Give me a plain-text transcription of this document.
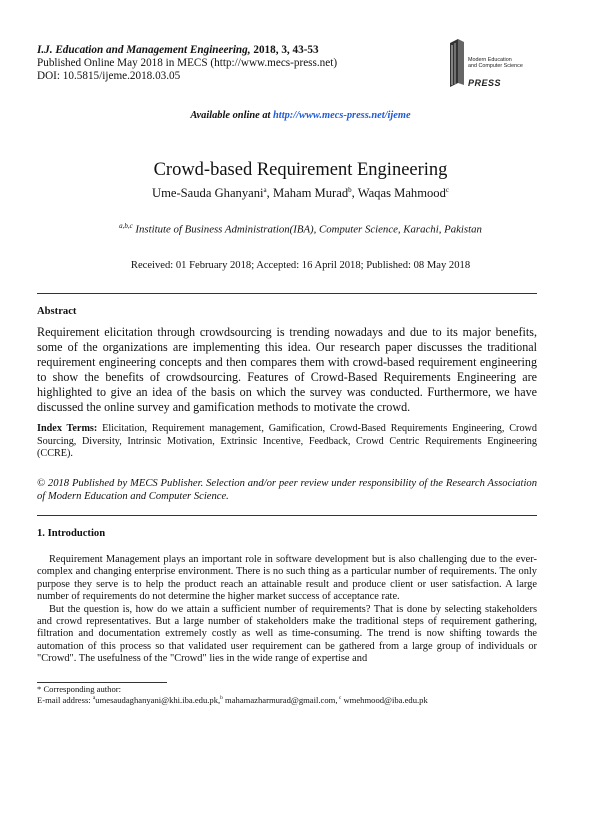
I.J. Education and Management Engineering, 2018, 3, 43-53
Published Online May 2018 in MECS (http://www.mecs-press.net)
DOI: 10.5815/ijeme.2018.03.05
Modern Education
and Computer Science
PRESS
Available online at http://www.mecs-press.net/ijeme
Crowd-based Requirement Engineering
Ume-Sauda Ghanyani$^a$, Maham Murad$^b$, Waqas Mahmood$^c$
$^{a,b,c}$ Institute of Business Administration(IBA), Computer Science, Karachi, Pakistan
Received: 01 February 2018; Accepted: 16 April 2018; Published: 08 May 2018
Abstract
Requirement elicitation through crowdsourcing is trending nowadays and due to its major benefits, some of the organizations are implementing this idea. Our research paper discusses the traditional requirement engineering concepts and then compares them with crowd-based requirement engineering to show the benefits of crowdsourcing. Features of Crowd-Based Requirements Engineering are highlighted to give an idea of the basis on which the survey was conducted. Furthermore, we have discussed the online survey and gamification methods to motivate the crowd.
Index Terms: Elicitation, Requirement management, Gamification, Crowd-Based Requirements Engineering, Crowd Sourcing, Diversity, Intrinsic Motivation, Extrinsic Incentive, Feedback, Crowd Centric Requirements Engineering (CCRE).
© 2018 Published by MECS Publisher. Selection and/or peer review under responsibility of the Research Association of Modern Education and Computer Science.
1. Introduction

Requirement Management plays an important role in software development but is also challenging due to the ever-complex and changing enterprise environment. There is no such thing as a particular number of requirements. The only purpose they serve is to help the product reach an attainable result and produce client or user satisfaction. A large number of requirements do not determine the higher market success of acceptance rate.

But the question is, how do we attain a sufficient number of requirements? That is done by selecting stakeholders and crowd representatives. But a large number of stakeholders make the traditional steps of requirement gathering, filtration and documentation extremely costly as well as time-consuming. The trend is now shifting towards the automation of this process so that validated user requirement can be gathered from a large group of individuals or "Crowd". The usefulness of the "Crowd" lies in the wide range of expertise and

* Corresponding author:
E-mail address: $^a$umesaudaghanyani@khi.iba.edu.pk,$^b$ mahamazharmurad@gmail.com, $^c$ wmehmood@iba.edu.pk
